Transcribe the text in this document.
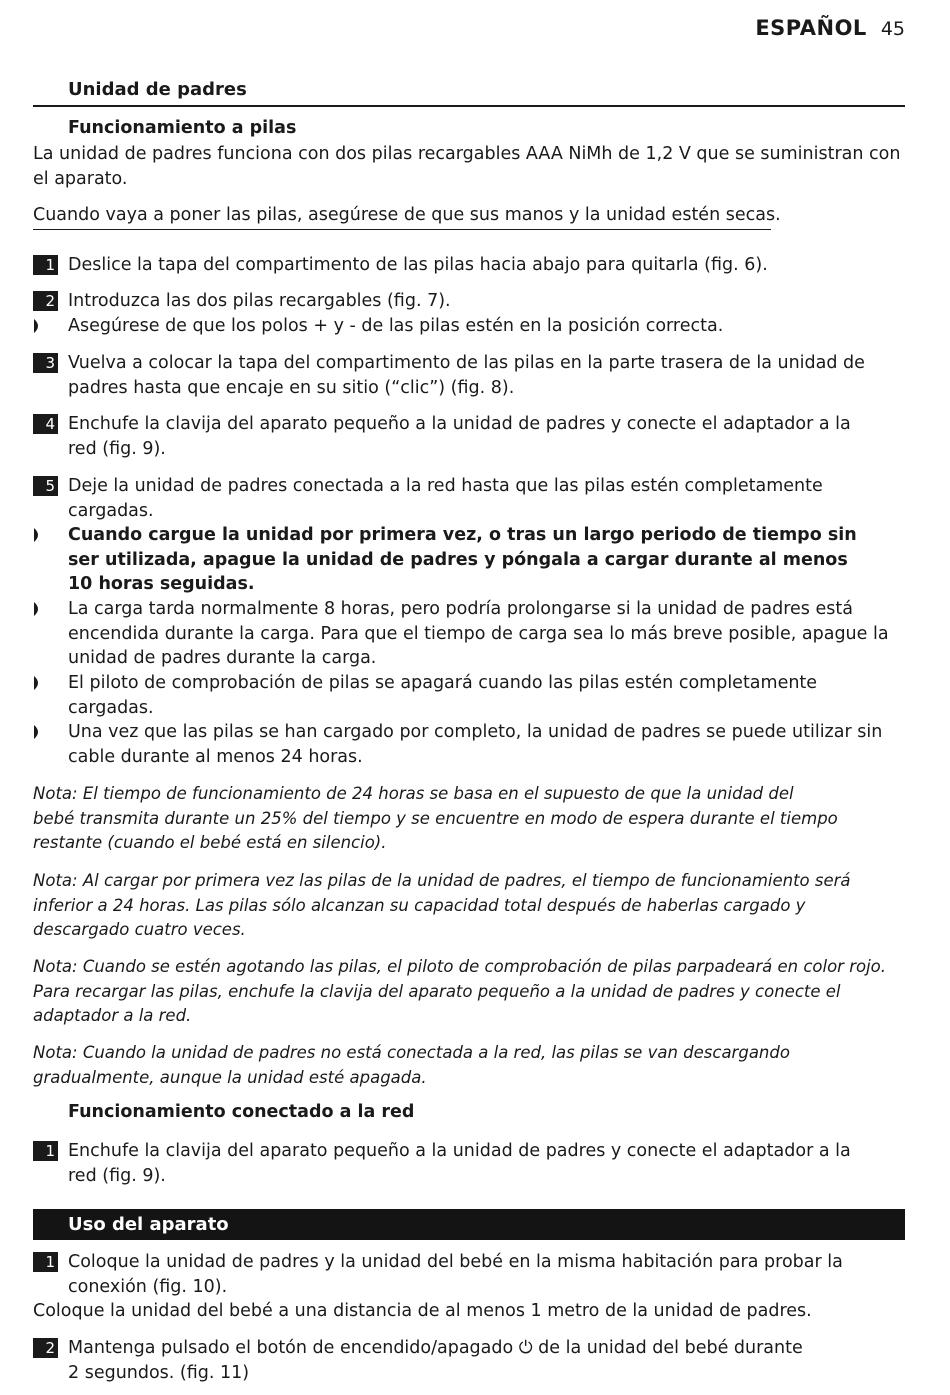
ESPAÑOL 45
Unidad de padres
Funcionamiento a pilas
La unidad de padres funciona con dos pilas recargables AAA NiMh de 1,2 V que se suministran con
el aparato.
Cuando vaya a poner las pilas, asegúrese de que sus manos y la unidad estén secas.
1 Deslice la tapa del compartimento de las pilas hacia abajo para quitarla (fig. 6).
2 Introduzca las dos pilas recargables (fig. 7).
Asegúrese de que los polos + y - de las pilas estén en la posición correcta.
3 Vuelva a colocar la tapa del compartimento de las pilas en la parte trasera de la unidad de
padres hasta que encaje en su sitio (“clic”) (fig. 8).
4 Enchufe la clavija del aparato pequeño a la unidad de padres y conecte el adaptador a la
red (fig. 9).
5 Deje la unidad de padres conectada a la red hasta que las pilas estén completamente
cargadas.
Cuando cargue la unidad por primera vez, o tras un largo periodo de tiempo sin
ser utilizada, apague la unidad de padres y póngala a cargar durante al menos
10 horas seguidas.
La carga tarda normalmente 8 horas, pero podría prolongarse si la unidad de padres está
encendida durante la carga. Para que el tiempo de carga sea lo más breve posible, apague la
unidad de padres durante la carga.
El piloto de comprobación de pilas se apagará cuando las pilas estén completamente
cargadas.
Una vez que las pilas se han cargado por completo, la unidad de padres se puede utilizar sin
cable durante al menos 24 horas.
Nota: El tiempo de funcionamiento de 24 horas se basa en el supuesto de que la unidad del
bebé transmita durante un 25% del tiempo y se encuentre en modo de espera durante el tiempo
restante (cuando el bebé está en silencio).
Nota: Al cargar por primera vez las pilas de la unidad de padres, el tiempo de funcionamiento será
inferior a 24 horas. Las pilas sólo alcanzan su capacidad total después de haberlas cargado y
descargado cuatro veces.
Nota: Cuando se estén agotando las pilas, el piloto de comprobación de pilas parpadeará en color rojo.
Para recargar las pilas, enchufe la clavija del aparato pequeño a la unidad de padres y conecte el
adaptador a la red.
Nota: Cuando la unidad de padres no está conectada a la red, las pilas se van descargando
gradualmente, aunque la unidad esté apagada.
Funcionamiento conectado a la red
1 Enchufe la clavija del aparato pequeño a la unidad de padres y conecte el adaptador a la
red (fig. 9).
Uso del aparato
1 Coloque la unidad de padres y la unidad del bebé en la misma habitación para probar la
conexión (fig. 10).
Coloque la unidad del bebé a una distancia de al menos 1 metro de la unidad de padres.
2 Mantenga pulsado el botón de encendido/apagado ⏻ de la unidad del bebé durante
2 segundos. (fig. 11)
